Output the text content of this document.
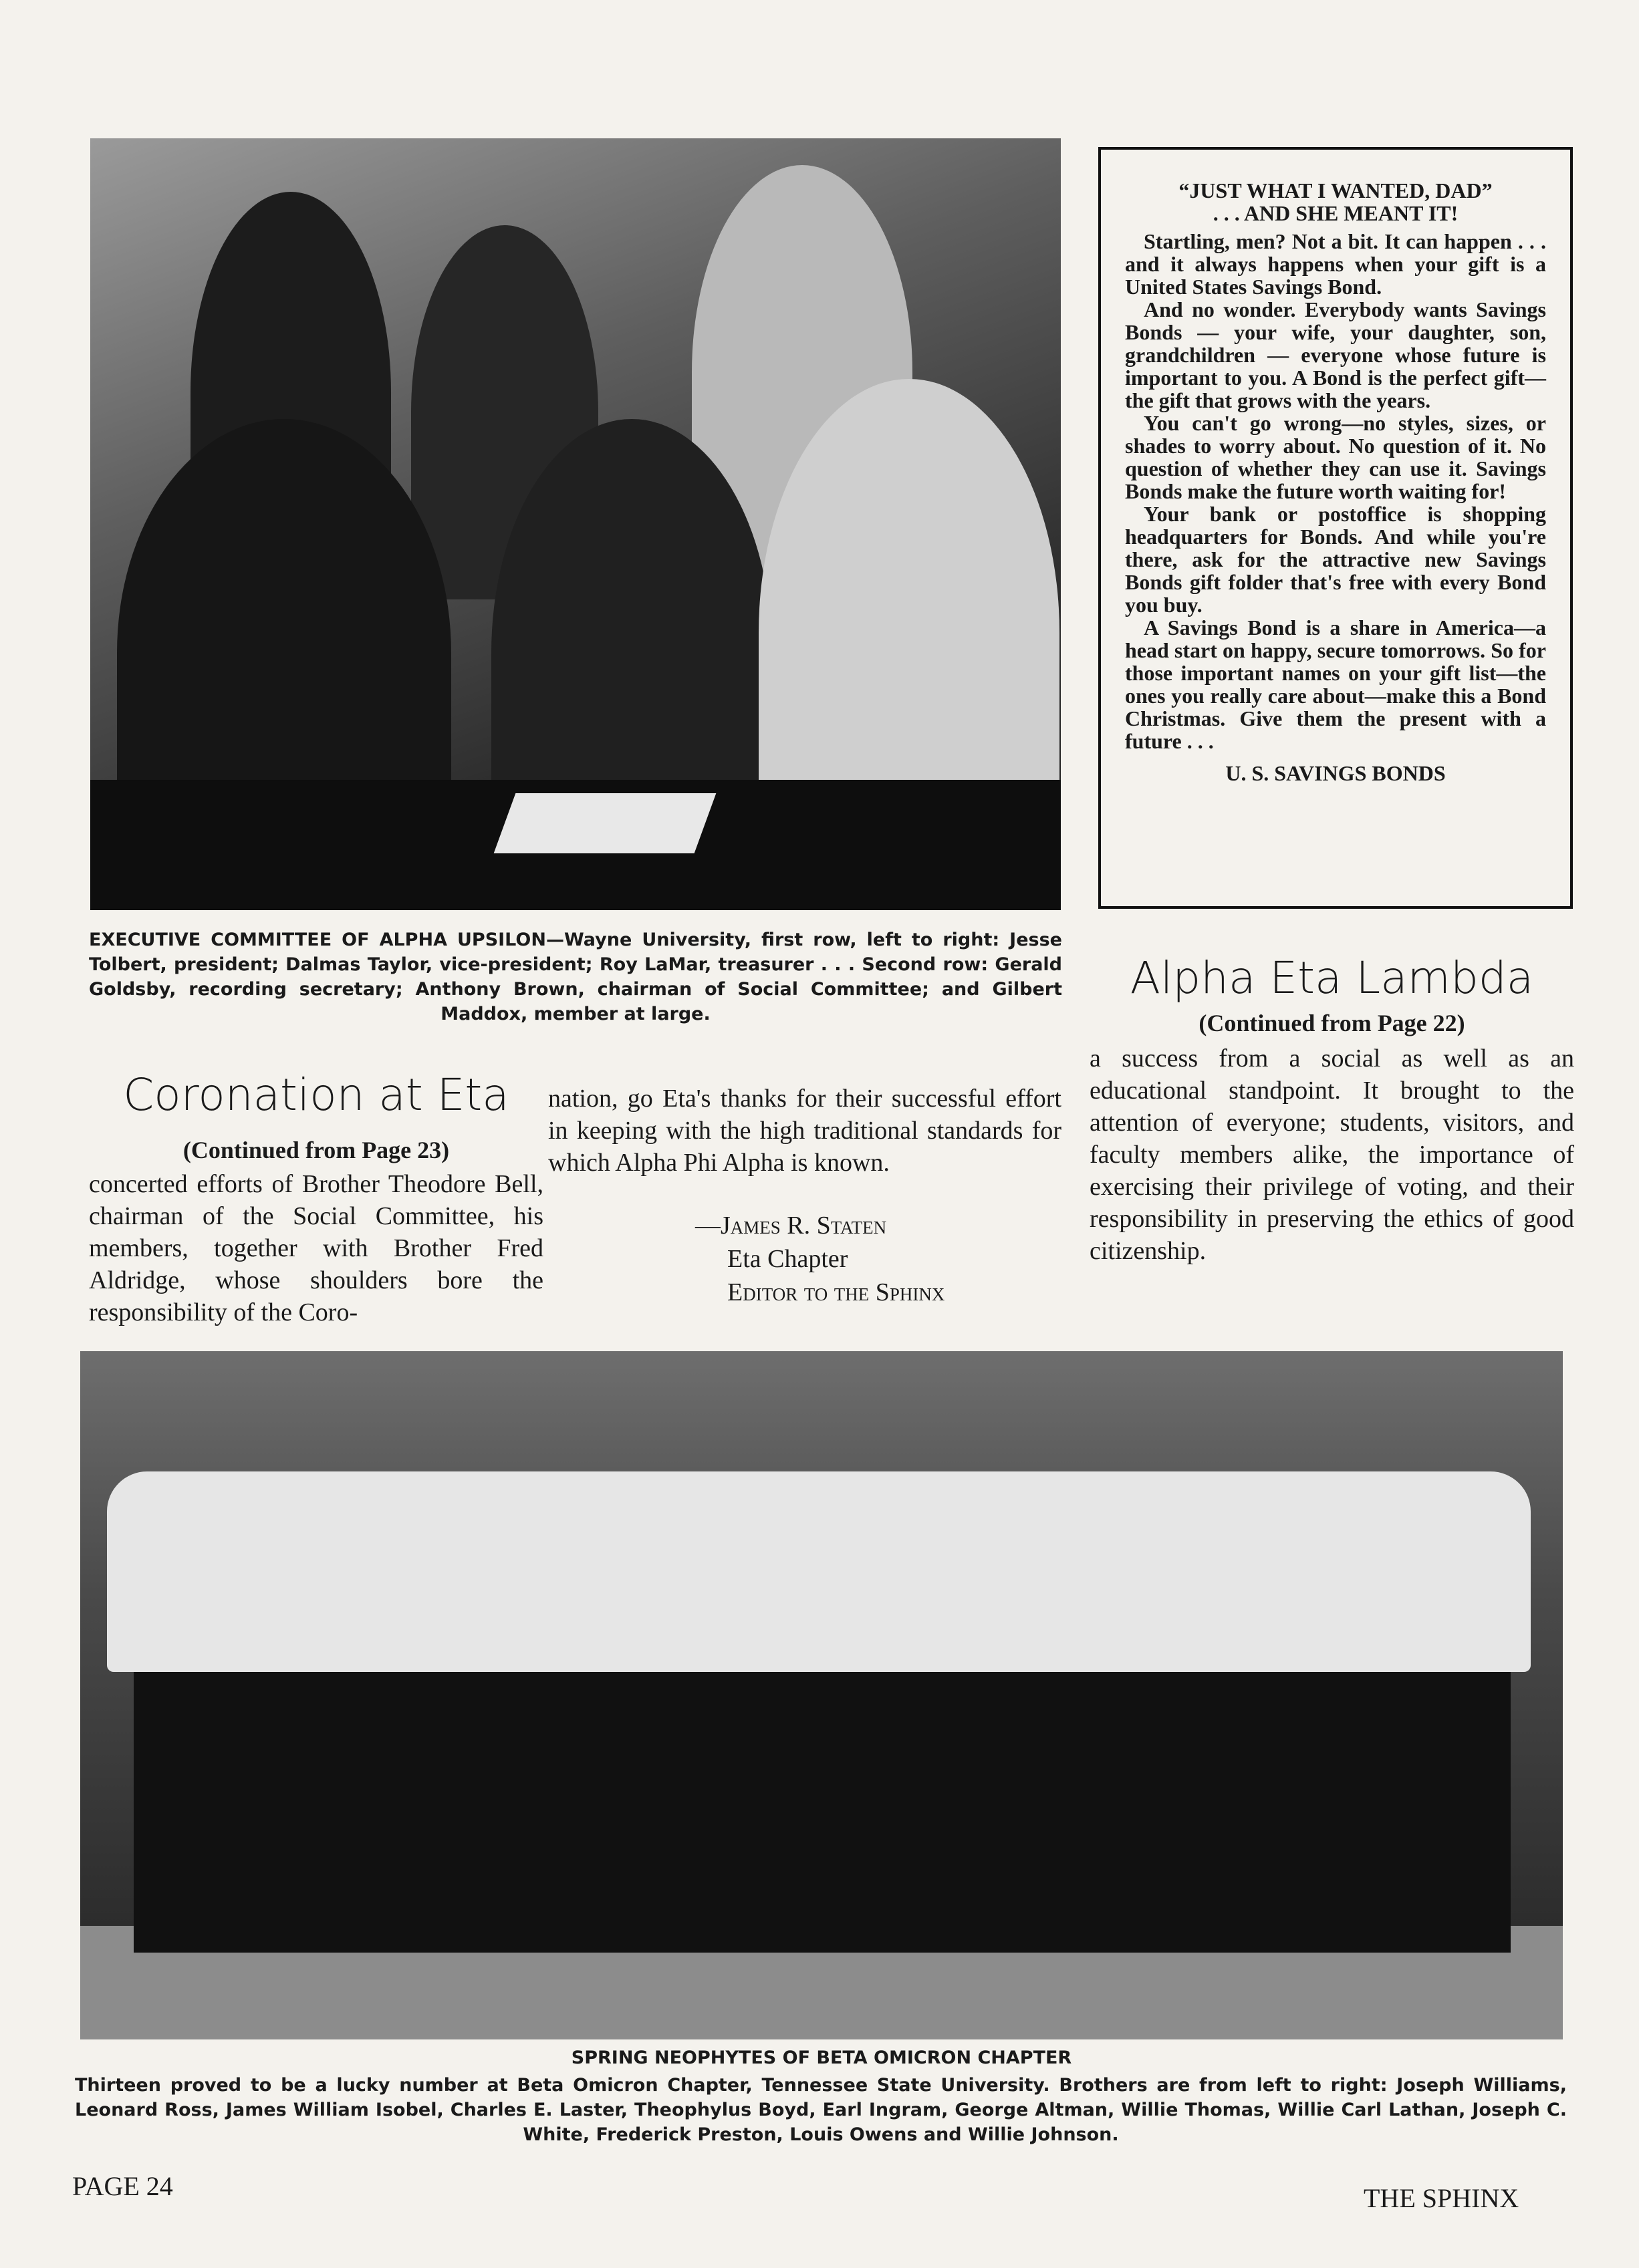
“JUST WHAT I WANTED, DAD”
. . . AND SHE MEANT IT!

Startling, men? Not a bit. It can happen . . . and it always happens when your gift is a United States Savings Bond.

And no wonder. Everybody wants Savings Bonds — your wife, your daughter, son, grandchildren — everyone whose future is important to you. A Bond is the perfect gift—the gift that grows with the years.

You can't go wrong—no styles, sizes, or shades to worry about. No question of it. No question of whether they can use it. Savings Bonds make the future worth waiting for!

Your bank or postoffice is shopping headquarters for Bonds. And while you're there, ask for the attractive new Savings Bonds gift folder that's free with every Bond you buy.

A Savings Bond is a share in America—a head start on happy, secure tomorrows. So for those important names on your gift list—the ones you really care about—make this a Bond Christmas. Give them the present with a future . . .

U. S. SAVINGS BONDS
EXECUTIVE COMMITTEE OF ALPHA UPSILON—Wayne University, first row, left to right: Jesse Tolbert, president; Dalmas Taylor, vice-president; Roy LaMar, treasurer . . . Second row: Gerald Goldsby, recording secretary; Anthony Brown, chairman of Social Committee; and Gilbert Maddox, member at large.
Coronation at Eta
(Continued from Page 23)
concerted efforts of Brother Theodore Bell, chairman of the Social Committee, his members, together with Brother Fred Aldridge, whose shoulders bore the responsibility of the Coro-
nation, go Eta's thanks for their successful effort in keeping with the high traditional standards for which Alpha Phi Alpha is known.
—James R. Staten
Eta Chapter
Editor to the Sphinx
Alpha Eta Lambda
(Continued from Page 22)
a success from a social as well as an educational standpoint. It brought to the attention of everyone; students, visitors, and faculty members alike, the importance of exercising their privilege of voting, and their responsibility in preserving the ethics of good citizenship.
SPRING NEOPHYTES OF BETA OMICRON CHAPTER
Thirteen proved to be a lucky number at Beta Omicron Chapter, Tennessee State University. Brothers are from left to right: Joseph Williams, Leonard Ross, James William Isobel, Charles E. Laster, Theophylus Boyd, Earl Ingram, George Altman, Willie Thomas, Willie Carl Lathan, Joseph C. White, Frederick Preston, Louis Owens and Willie Johnson.
PAGE 24	THE SPHINX
